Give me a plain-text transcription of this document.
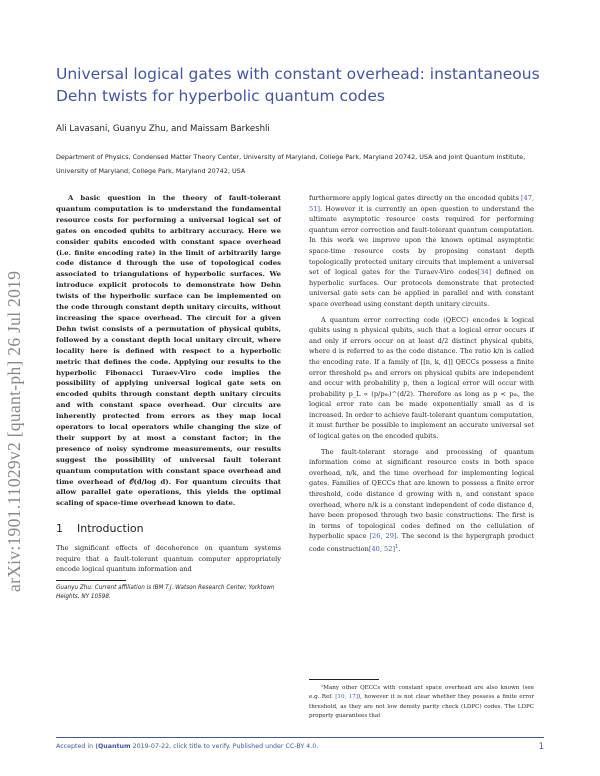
arXiv:1901.11029v2 [quant-ph] 26 Jul 2019
Universal logical gates with constant overhead: instantaneous Dehn twists for hyperbolic quantum codes
Ali Lavasani, Guanyu Zhu, and Maissam Barkeshli
Department of Physics, Condensed Matter Theory Center, University of Maryland, College Park, Maryland 20742, USA and Joint Quantum Institute, University of Maryland, College Park, Maryland 20742, USA

A basic question in the theory of fault-tolerant quantum computation is to understand the fundamental resource costs for performing a universal logical set of gates on encoded qubits to arbitrary accuracy. Here we consider qubits encoded with constant space overhead (i.e. finite encoding rate) in the limit of arbitrarily large code distance d through the use of topological codes associated to triangulations of hyperbolic surfaces. We introduce explicit protocols to demonstrate how Dehn twists of the hyperbolic surface can be implemented on the code through constant depth unitary circuits, without increasing the space overhead. The circuit for a given Dehn twist consists of a permutation of physical qubits, followed by a constant depth local unitary circuit, where locality here is defined with respect to a hyperbolic metric that defines the code. Applying our results to the hyperbolic Fibonacci Turaev-Viro code implies the possibility of applying universal logical gate sets on encoded qubits through constant depth unitary circuits and with constant space overhead. Our circuits are inherently protected from errors as they map local operators to local operators while changing the size of their support by at most a constant factor; in the presence of noisy syndrome measurements, our results suggest the possibility of universal fault tolerant quantum computation with constant space overhead and time overhead of 𝒪(d/log d). For quantum circuits that allow parallel gate operations, this yields the optimal scaling of space-time overhead known to date.

1 Introduction

The significant effects of decoherence on quantum systems require that a fault-tolerant quantum computer appropriately encode logical quantum information and

Guanyu Zhu: Current affiliation is IBM T.J. Watson Research Center, Yorktown Heights, NY 10598.

furthermore apply logical gates directly on the encoded qubits [47, 51]. However it is currently an open question to understand the ultimate asymptotic resource costs required for performing quantum error correction and fault-tolerant quantum computation. In this work we improve upon the known optimal asymptotic space-time resource costs by proposing constant depth topologically protected unitary circuits that implement a universal set of logical gates for the Turaev-Viro codes[34] defined on hyperbolic surfaces. Our protocols demonstrate that protected universal gate sets can be applied in parallel and with constant space overhead using constant depth unitary circuits.

A quantum error correcting code (QECC) encodes k logical qubits using n physical qubits, such that a logical error occurs if and only if errors occur on at least d/2 distinct physical qubits, where d is referred to as the code distance. The ratio k/n is called the encoding rate. If a family of [[n, k, d]] QECCs possess a finite error threshold pₜₕ and errors on physical qubits are independent and occur with probability p, then a logical error will occur with probability p_L ∝ (p/pₜₕ)^(d/2). Therefore as long as p < pₜₕ, the logical error rate can be made exponentially small as d is increased. In order to achieve fault-tolerant quantum computation, it must further be possible to implement an accurate universal set of logical gates on the encoded qubits.

The fault-tolerant storage and processing of quantum information come at significant resource costs in both space overhead, n/k, and the time overhead for implementing logical gates. Families of QECCs that are known to possess a finite error threshold, code distance d growing with n, and constant space overhead, where n/k is a constant independent of code distance d, have been proposed through two basic constructions. The first is in terms of topological codes defined on the cellulation of hyperbolic space [26, 29]. The second is the hypergraph product code construction[40, 52]$^1$.

¹Many other QECCs with constant space overhead are also known (see e.g. Ref. [10, 17]), however it is not clear whether they possess a finite error threshold, as they are not low density parity check (LDPC) codes. The LDPC property guarantees that

Accepted in ⟨Quantum 2019-07-22, click title to verify. Published under CC-BY 4.0.	1
